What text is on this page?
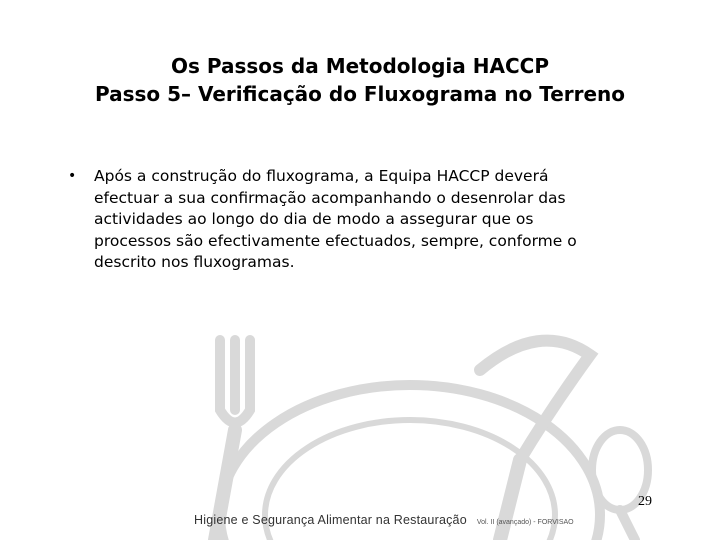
Os Passos da Metodologia HACCP
Passo 5– Verificação do Fluxograma no Terreno
• Após a construção do fluxograma, a Equipa HACCP deverá
efectuar a sua confirmação acompanhando o desenrolar das
actividades ao longo do dia de modo a assegurar que os
processos são efectivamente efectuados, sempre, conforme o
descrito nos fluxogramas.
29
Higiene e Segurança Alimentar na Restauração Vol. II (avançado) - FORVISAO
